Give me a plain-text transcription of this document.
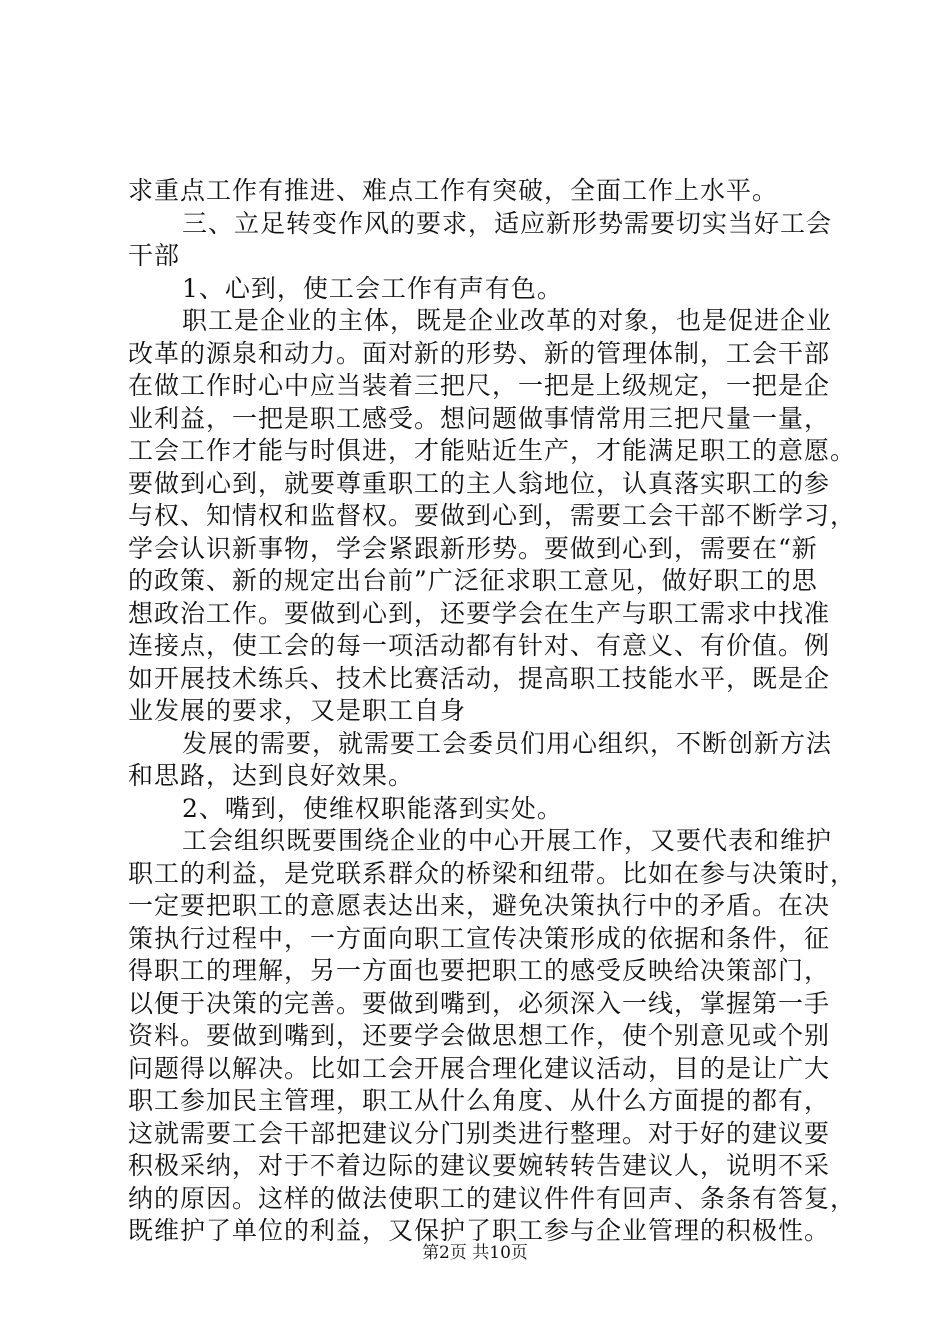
求重点工作有推进、难点工作有突破，全面工作上水平。
三、立足转变作风的要求，适应新形势需要切实当好工会
干部
1、心到，使工会工作有声有色。
职工是企业的主体，既是企业改革的对象，也是促进企业
改革的源泉和动力。面对新的形势、新的管理体制，工会干部
在做工作时心中应当装着三把尺，一把是上级规定，一把是企
业利益，一把是职工感受。想问题做事情常用三把尺量一量，
工会工作才能与时俱进，才能贴近生产，才能满足职工的意愿。
要做到心到，就要尊重职工的主人翁地位，认真落实职工的参
与权、知情权和监督权。要做到心到，需要工会干部不断学习，
学会认识新事物，学会紧跟新形势。要做到心到，需要在“新
的政策、新的规定出台前”广泛征求职工意见，做好职工的思
想政治工作。要做到心到，还要学会在生产与职工需求中找准
连接点，使工会的每一项活动都有针对、有意义、有价值。例
如开展技术练兵、技术比赛活动，提高职工技能水平，既是企
业发展的要求，又是职工自身
发展的需要，就需要工会委员们用心组织，不断创新方法
和思路，达到良好效果。
2、嘴到，使维权职能落到实处。
工会组织既要围绕企业的中心开展工作，又要代表和维护
职工的利益，是党联系群众的桥梁和纽带。比如在参与决策时，
一定要把职工的意愿表达出来，避免决策执行中的矛盾。在决
策执行过程中，一方面向职工宣传决策形成的依据和条件，征
得职工的理解，另一方面也要把职工的感受反映给决策部门，
以便于决策的完善。要做到嘴到，必须深入一线，掌握第一手
资料。要做到嘴到，还要学会做思想工作，使个别意见或个别
问题得以解决。比如工会开展合理化建议活动，目的是让广大
职工参加民主管理，职工从什么角度、从什么方面提的都有，
这就需要工会干部把建议分门别类进行整理。对于好的建议要
积极采纳，对于不着边际的建议要婉转转告建议人，说明不采
纳的原因。这样的做法使职工的建议件件有回声、条条有答复，
既维护了单位的利益，又保护了职工参与企业管理的积极性。
第2页 共10页
